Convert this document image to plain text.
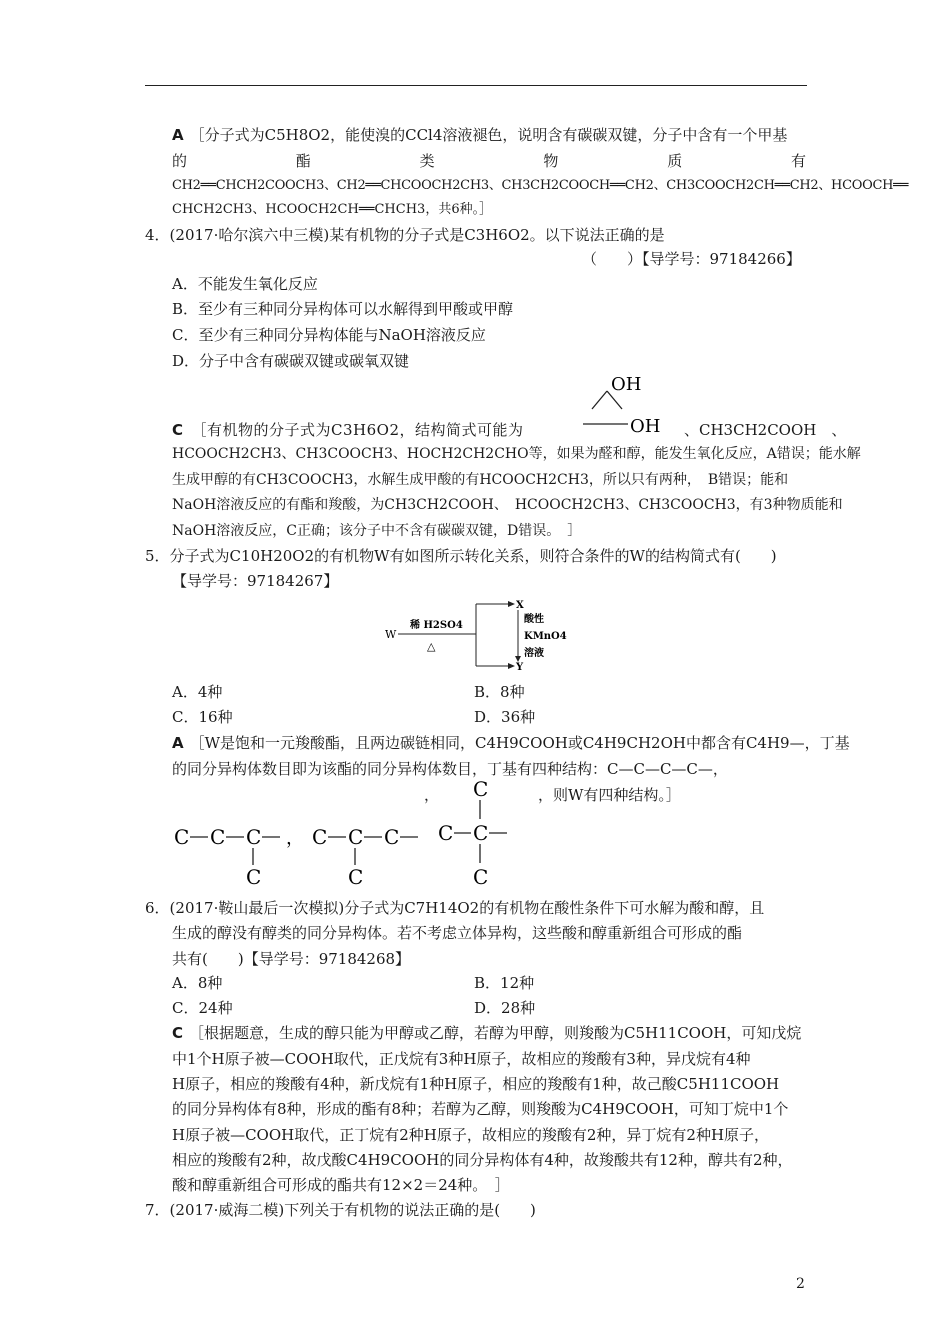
A ［分子式为C5H8O2，能使溴的CCl4溶液褪色，说明含有碳碳双键，分子中含有一个甲基
的	酯	类	物	质	有
CH2══CHCH2COOCH3、CH2══CHCOOCH2CH3、CH3CH2COOCH══CH2、CH3COOCH2CH══CH2、HCOOCH══
CHCH2CH3、HCOOCH2CH══CHCH3，共6种。］
4．(2017·哈尔滨六中三模)某有机物的分子式是C3H6O2。以下说法正确的是
（　　）【导学号：97184266】
A．不能发生氧化反应
B．至少有三种同分异构体可以水解得到甲酸或甲醇
C．至少有三种同分异构体能与NaOH溶液反应
D．分子中含有碳碳双键或碳氧双键
OH
OH
C ［有机物的分子式为C3H6O2，结构简式可能为	、CH3CH2COOH　、
HCOOCH2CH3、CH3COOCH3、HOCH2CH2CHO等，如果为醛和醇，能发生氧化反应，A错误；能水解
生成甲醇的有CH3COOCH3，水解生成甲酸的有HCOOCH2CH3，所以只有两种，　B错误；能和
NaOH溶液反应的有酯和羧酸，为CH3CH2COOH、　HCOOCH2CH3、CH3COOCH3，有3种物质能和
NaOH溶液反应，C正确；该分子中不含有碳碳双键，D错误。　］
5．分子式为C10H20O2的有机物W有如图所示转化关系，则符合条件的W的结构简式有(　　)
【导学号：97184267】
W
稀 H2SO4
△
X
Y
酸性
KMnO4
溶液
A．4种	B．8种
C．16种	D．36种
A ［W是饱和一元羧酸酯，且两边碳链相同，C4H9COOH或C4H9CH2OH中都含有C4H9—，丁基
的同分异构体数目即为该酯的同分异构体数目，丁基有四种结构：C—C—C—C—，
，	，则W有四种结构。］
C C C
C
， C C C
C
C
C C
C
6．(2017·鞍山最后一次模拟)分子式为C7H14O2的有机物在酸性条件下可水解为酸和醇，且
生成的醇没有醇类的同分异构体。若不考虑立体异构，这些酸和醇重新组合可形成的酯
共有(　　)【导学号：97184268】
A．8种	B．12种
C．24种	D．28种
C ［根据题意，生成的醇只能为甲醇或乙醇，若醇为甲醇，则羧酸为C5H11COOH，可知戊烷
中1个H原子被—COOH取代，正戊烷有3种H原子，故相应的羧酸有3种，异戊烷有4种
H原子，相应的羧酸有4种，新戊烷有1种H原子，相应的羧酸有1种，故己酸C5H11COOH
的同分异构体有8种，形成的酯有8种；若醇为乙醇，则羧酸为C4H9COOH，可知丁烷中1个
H原子被—COOH取代，正丁烷有2种H原子，故相应的羧酸有2种，异丁烷有2种H原子，
相应的羧酸有2种，故戊酸C4H9COOH的同分异构体有4种，故羧酸共有12种，醇共有2种，
酸和醇重新组合可形成的酯共有12×2＝24种。　］
7．(2017·威海二模)下列关于有机物的说法正确的是(　　)
2
